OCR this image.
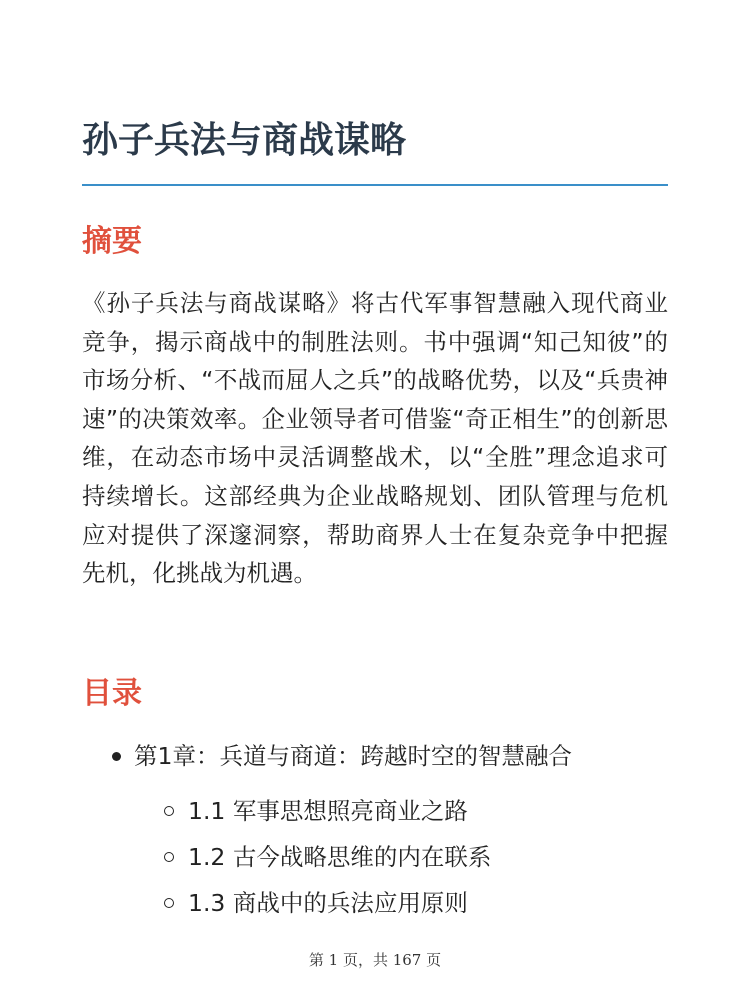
孙子兵法与商战谋略
摘要

《孙子兵法与商战谋略》将古代军事智慧融入现代商业竞争，揭示商战中的制胜法则。书中强调“知己知彼”的市场分析、“不战而屈人之兵”的战略优势，以及“兵贵神速”的决策效率。企业领导者可借鉴“奇正相生”的创新思维，在动态市场中灵活调整战术，以“全胜”理念追求可持续增长。这部经典为企业战略规划、团队管理与危机应对提供了深邃洞察，帮助商界人士在复杂竞争中把握先机，化挑战为机遇。

目录
第1章：兵道与商道：跨越时空的智慧融合
1.1 军事思想照亮商业之路
1.2 古今战略思维的内在联系
1.3 商战中的兵法应用原则
第 1 页，共 167 页
